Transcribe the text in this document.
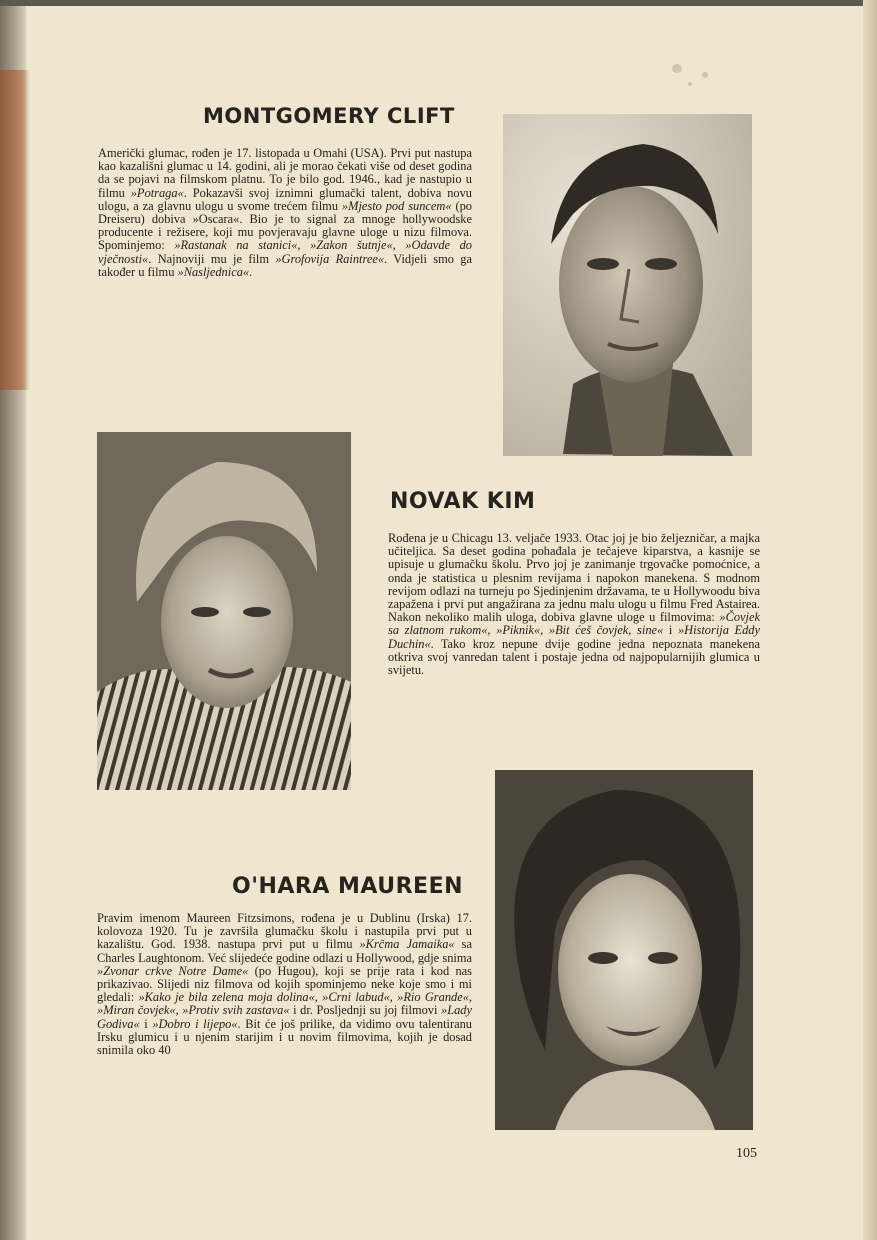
MONTGOMERY CLIFT

Američki glumac, rođen je 17. listopada u Omahi (USA). Prvi put nastupa kao kazališni glumac u 14. godini, ali je morao čekati više od deset godina da se pojavi na filmskom platnu. To je bilo god. 1946., kad je nastupio u filmu »Potraga«. Pokazavši svoj iznimni glumački talent, dobiva novu ulogu, a za glavnu ulogu u svome trećem filmu »Mjesto pod suncem« (po Dreiseru) dobiva »Oscara«. Bio je to signal za mnoge hollywoodske producente i režisere, koji mu povjeravaju glavne uloge u nizu filmova. Spominjemo: »Rastanak na stanici«, »Zakon šutnje«, »Odavde do vječnosti«. Najnoviji mu je film »Grofovija Raintree«. Vidjeli smo ga također u filmu »Nasljednica«.

NOVAK KIM

Rođena je u Chicagu 13. veljače 1933. Otac joj je bio željezničar, a majka učiteljica. Sa deset godina pohađala je tečajeve kiparstva, a kasnije se upisuje u glumačku školu. Prvo joj je zanimanje trgovačke pomoćnice, a onda je statistica u plesnim revijama i napokon manekena. S modnom revijom odlazi na turneju po Sjedinjenim državama, te u Hollywoodu biva zapažena i prvi put angažirana za jednu malu ulogu u filmu Fred Astairea. Nakon nekoliko malih uloga, dobiva glavne uloge u filmovima: »Čovjek sa zlatnom rukom«, »Piknik«, »Bit ćeš čovjek, sine« i »Historija Eddy Duchin«. Tako kroz nepune dvije godine jedna nepoznata manekena otkriva svoj vanredan talent i postaje jedna od najpopularnijih glumica u svijetu.

O'HARA MAUREEN

Pravim imenom Maureen Fitzsimons, rođena je u Dublinu (Irska) 17. kolovoza 1920. Tu je završila glumačku školu i nastupila prvi put u kazalištu. God. 1938. nastupa prvi put u filmu »Krčma Jamaika« sa Charles Laughtonom. Već slijedeće godine odlazi u Hollywood, gdje snima »Zvonar crkve Notre Dame« (po Hugou), koji se prije rata i kod nas prikazivao. Slijedi niz filmova od kojih spominjemo neke koje smo i mi gledali: »Kako je bila zelena moja dolina«, »Crni labud«, »Rio Grande«, »Miran čovjek«, »Protiv svih zastava« i dr. Posljednji su joj filmovi »Lady Godiva« i »Dobro i lijepo«. Bit će još prilike, da vidimo ovu talentiranu Irsku glumicu i u njenim starijim i u novim filmovima, kojih je dosad snimila oko 40

105
